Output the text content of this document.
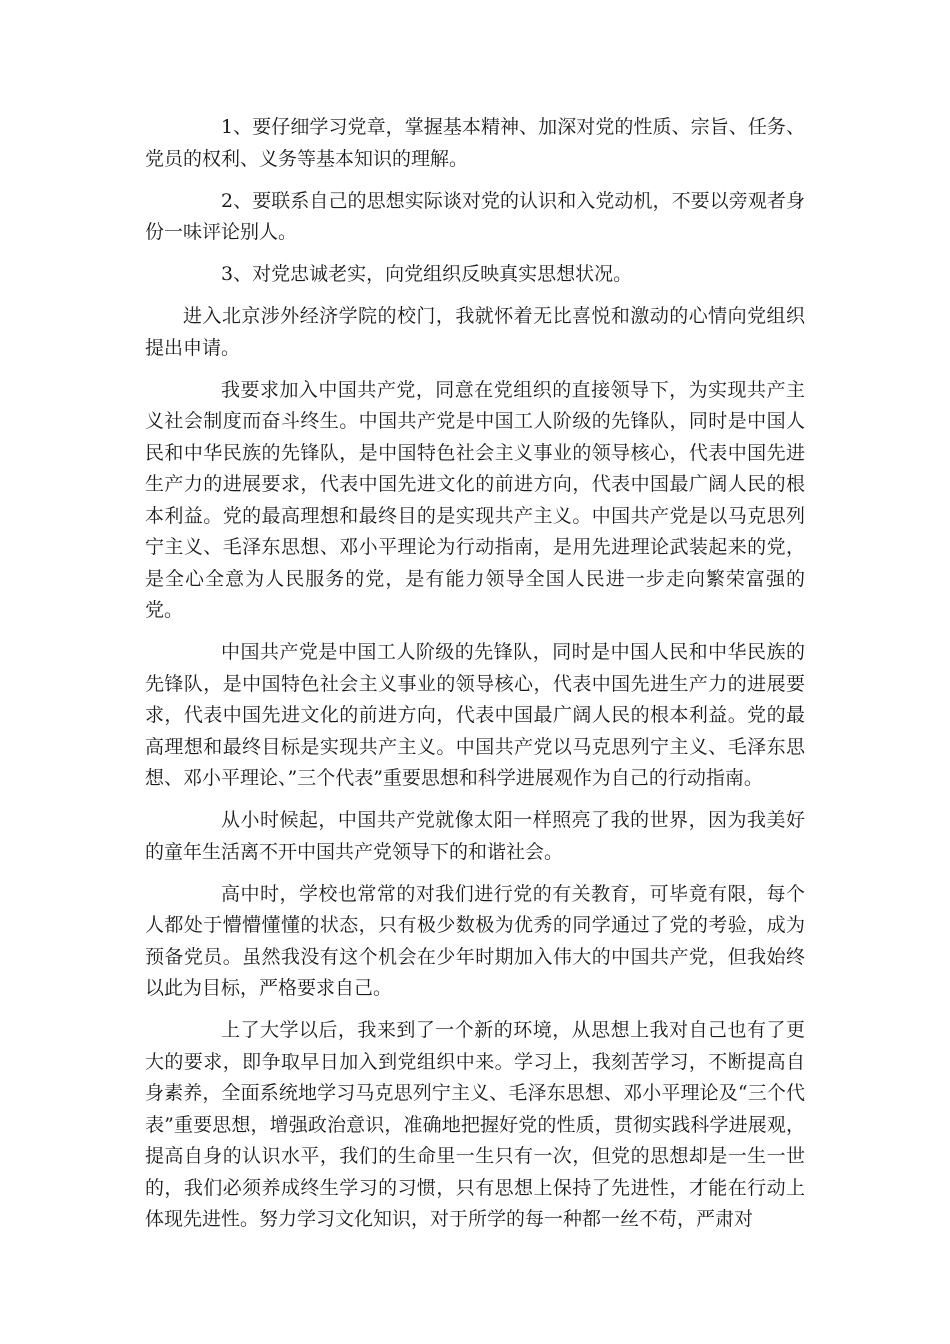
1、要仔细学习党章，掌握基本精神、加深对党的性质、宗旨、任务、党员的权利、义务等基本知识的理解。

2、要联系自己的思想实际谈对党的认识和入党动机，不要以旁观者身份一味评论别人。

3、对党忠诚老实，向党组织反映真实思想状况。

进入北京涉外经济学院的校门，我就怀着无比喜悦和激动的心情向党组织提出申请。

我要求加入中国共产党，同意在党组织的直接领导下，为实现共产主义社会制度而奋斗终生。中国共产党是中国工人阶级的先锋队，同时是中国人民和中华民族的先锋队，是中国特色社会主义事业的领导核心，代表中国先进生产力的进展要求，代表中国先进文化的前进方向，代表中国最广阔人民的根本利益。党的最高理想和最终目的是实现共产主义。中国共产党是以马克思列宁主义、毛泽东思想、邓小平理论为行动指南，是用先进理论武装起来的党，是全心全意为人民服务的党，是有能力领导全国人民进一步走向繁荣富强的党。

中国共产党是中国工人阶级的先锋队，同时是中国人民和中华民族的先锋队，是中国特色社会主义事业的领导核心，代表中国先进生产力的进展要求，代表中国先进文化的前进方向，代表中国最广阔人民的根本利益。党的最高理想和最终目标是实现共产主义。中国共产党以马克思列宁主义、毛泽东思想、邓小平理论、”三个代表”重要思想和科学进展观作为自己的行动指南。

从小时候起，中国共产党就像太阳一样照亮了我的世界，因为我美好的童年生活离不开中国共产党领导下的和谐社会。

高中时，学校也常常的对我们进行党的有关教育，可毕竟有限，每个人都处于懵懵懂懂的状态，只有极少数极为优秀的同学通过了党的考验，成为预备党员。虽然我没有这个机会在少年时期加入伟大的中国共产党，但我始终以此为目标，严格要求自己。

上了大学以后，我来到了一个新的环境，从思想上我对自己也有了更大的要求，即争取早日加入到党组织中来。学习上，我刻苦学习，不断提高自身素养，全面系统地学习马克思列宁主义、毛泽东思想、邓小平理论及“三个代表”重要思想，增强政治意识，准确地把握好党的性质，贯彻实践科学进展观，提高自身的认识水平，我们的生命里一生只有一次，但党的思想却是一生一世的，我们必须养成终生学习的习惯，只有思想上保持了先进性，才能在行动上体现先进性。努力学习文化知识，对于所学的每一种都一丝不苟，严肃对
